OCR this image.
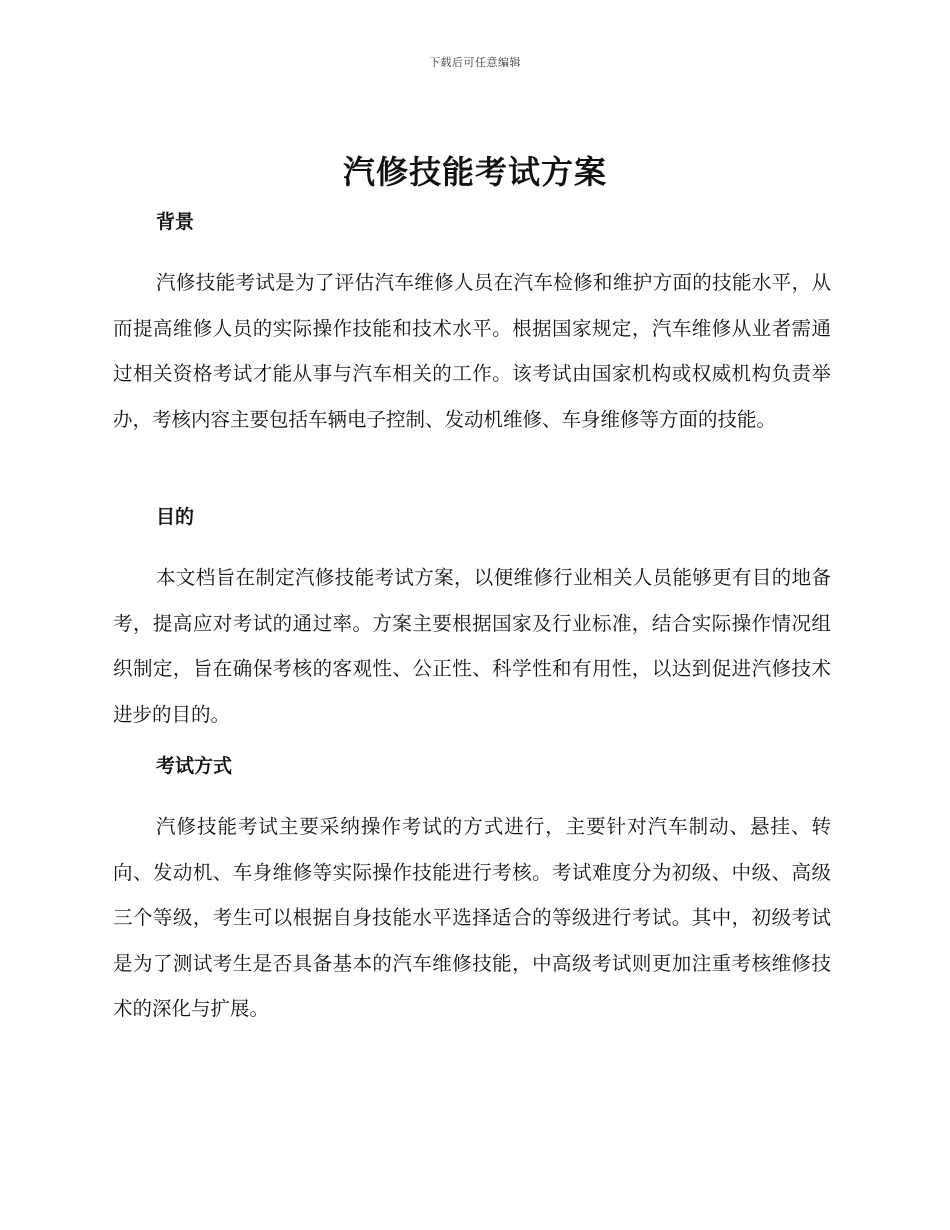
下载后可任意编辑
汽修技能考试方案
背景

汽修技能考试是为了评估汽车维修人员在汽车检修和维护方面的技能水平，从而提高维修人员的实际操作技能和技术水平。根据国家规定，汽车维修从业者需通过相关资格考试才能从事与汽车相关的工作。该考试由国家机构或权威机构负责举办，考核内容主要包括车辆电子控制、发动机维修、车身维修等方面的技能。

目的

本文档旨在制定汽修技能考试方案，以便维修行业相关人员能够更有目的地备考，提高应对考试的通过率。方案主要根据国家及行业标准，结合实际操作情况组织制定，旨在确保考核的客观性、公正性、科学性和有用性，以达到促进汽修技术进步的目的。

考试方式

汽修技能考试主要采纳操作考试的方式进行，主要针对汽车制动、悬挂、转向、发动机、车身维修等实际操作技能进行考核。考试难度分为初级、中级、高级三个等级，考生可以根据自身技能水平选择适合的等级进行考试。其中，初级考试是为了测试考生是否具备基本的汽车维修技能，中高级考试则更加注重考核维修技术的深化与扩展。
